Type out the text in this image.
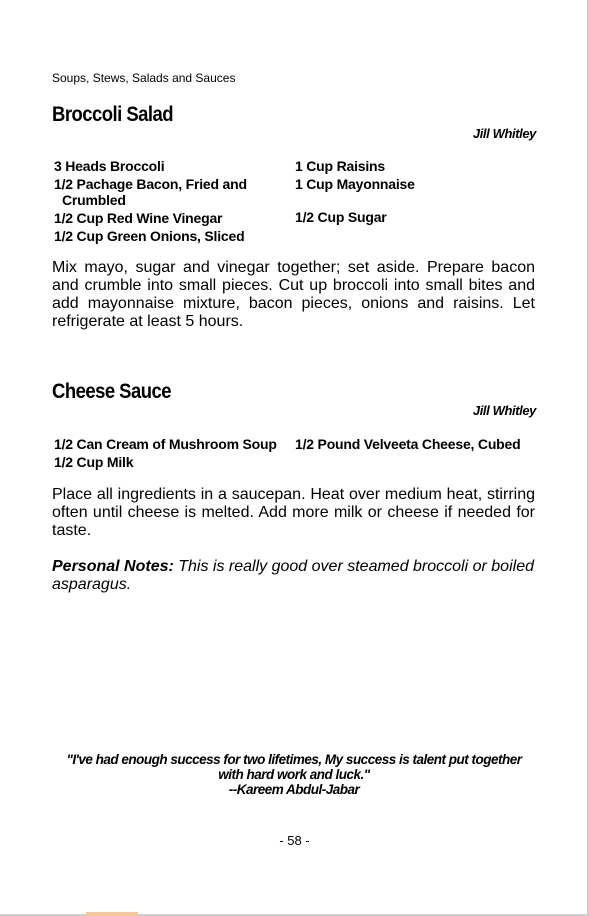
Soups, Stews, Salads and Sauces
Broccoli Salad
Jill Whitley
3 Heads Broccoli
1/2 Pachage Bacon, Fried and Crumbled
1/2 Cup Red Wine Vinegar
1/2 Cup Green Onions, Sliced
1 Cup Raisins
1 Cup Mayonnaise
1/2 Cup Sugar
Mix mayo, sugar and vinegar together; set aside. Prepare bacon and crumble into small pieces. Cut up broccoli into small bites and add mayonnaise mixture, bacon pieces, onions and raisins. Let refrigerate at least 5 hours.
Cheese Sauce
Jill Whitley
1/2 Can Cream of Mushroom Soup
1/2 Cup Milk
1/2 Pound Velveeta Cheese, Cubed
Place all ingredients in a saucepan. Heat over medium heat, stirring often until cheese is melted. Add more milk or cheese if needed for taste.
Personal Notes: This is really good over steamed broccoli or boiled asparagus.
"I've had enough success for two lifetimes, My success is talent put together
with hard work and luck."
--Kareem Abdul-Jabar
- 58 -
